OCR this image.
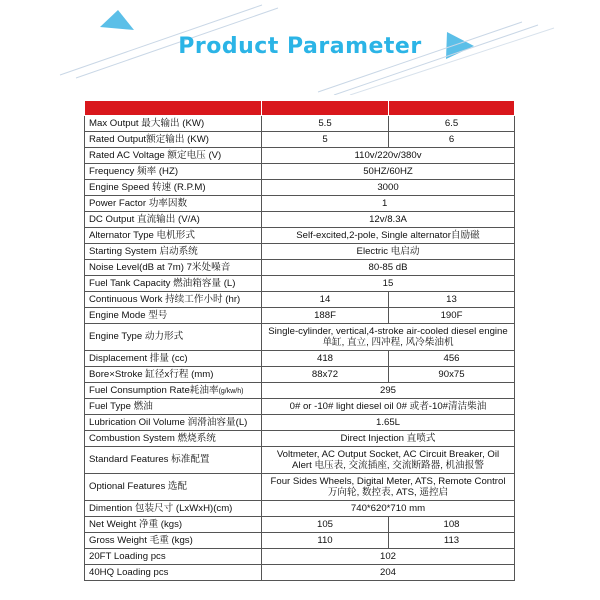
Product Parameter

Max Output 最大输出 (KW)	5.5	6.5
Rated Output额定输出 (KW)	5	6
Rated AC Voltage 额定电压 (V)	110v/220v/380v	
Frequency 频率 (HZ)	50HZ/60HZ	
Engine Speed 转速 (R.P.M)	3000	
Power Factor 功率因数	1	
DC Output 直流输出 (V/A)	12v/8.3A	
Alternator Type 电机形式	Self-excited,2-pole, Single alternator自励磁	
Starting System 启动系统	Electric 电启动	
Noise Level(dB at 7m) 7米处噪音	80-85 dB	
Fuel Tank Capacity 燃油箱容量 (L)	15	
Continuous Work 持续工作小时 (hr)	14	13
Engine Mode 型号	188F	190F
Engine Type 动力形式	Single-cylinder, vertical,4-stroke air-cooled diesel engine 单缸, 直立, 四冲程, 风冷柴油机	
Displacement 排量 (cc)	418	456
Bore×Stroke 缸径x行程 (mm)	88x72	90x75
Fuel Consumption Rate耗油率(g/kw/h)	295	
Fuel Type 燃油	0# or -10# light diesel oil 0# 或者-10#清洁柴油	
Lubrication Oil Volume 润滑油容量(L)	1.65L	
Combustion System 燃烧系统	Direct Injection 直喷式	
Standard Features 标准配置	Voltmeter, AC Output Socket, AC Circuit Breaker, Oil Alert 电压表, 交流插座, 交流断路器, 机油报警	
Optional Features 选配	Four Sides Wheels, Digital Meter, ATS, Remote Control 万向轮, 数控表, ATS, 遥控启	
Dimention 包装尺寸 (LxWxH)(cm)	740*620*710 mm	
Net Weight 净重 (kgs)	105	108
Gross Weight 毛重 (kgs)	110	113
20FT Loading pcs	102	
40HQ Loading pcs	204	
